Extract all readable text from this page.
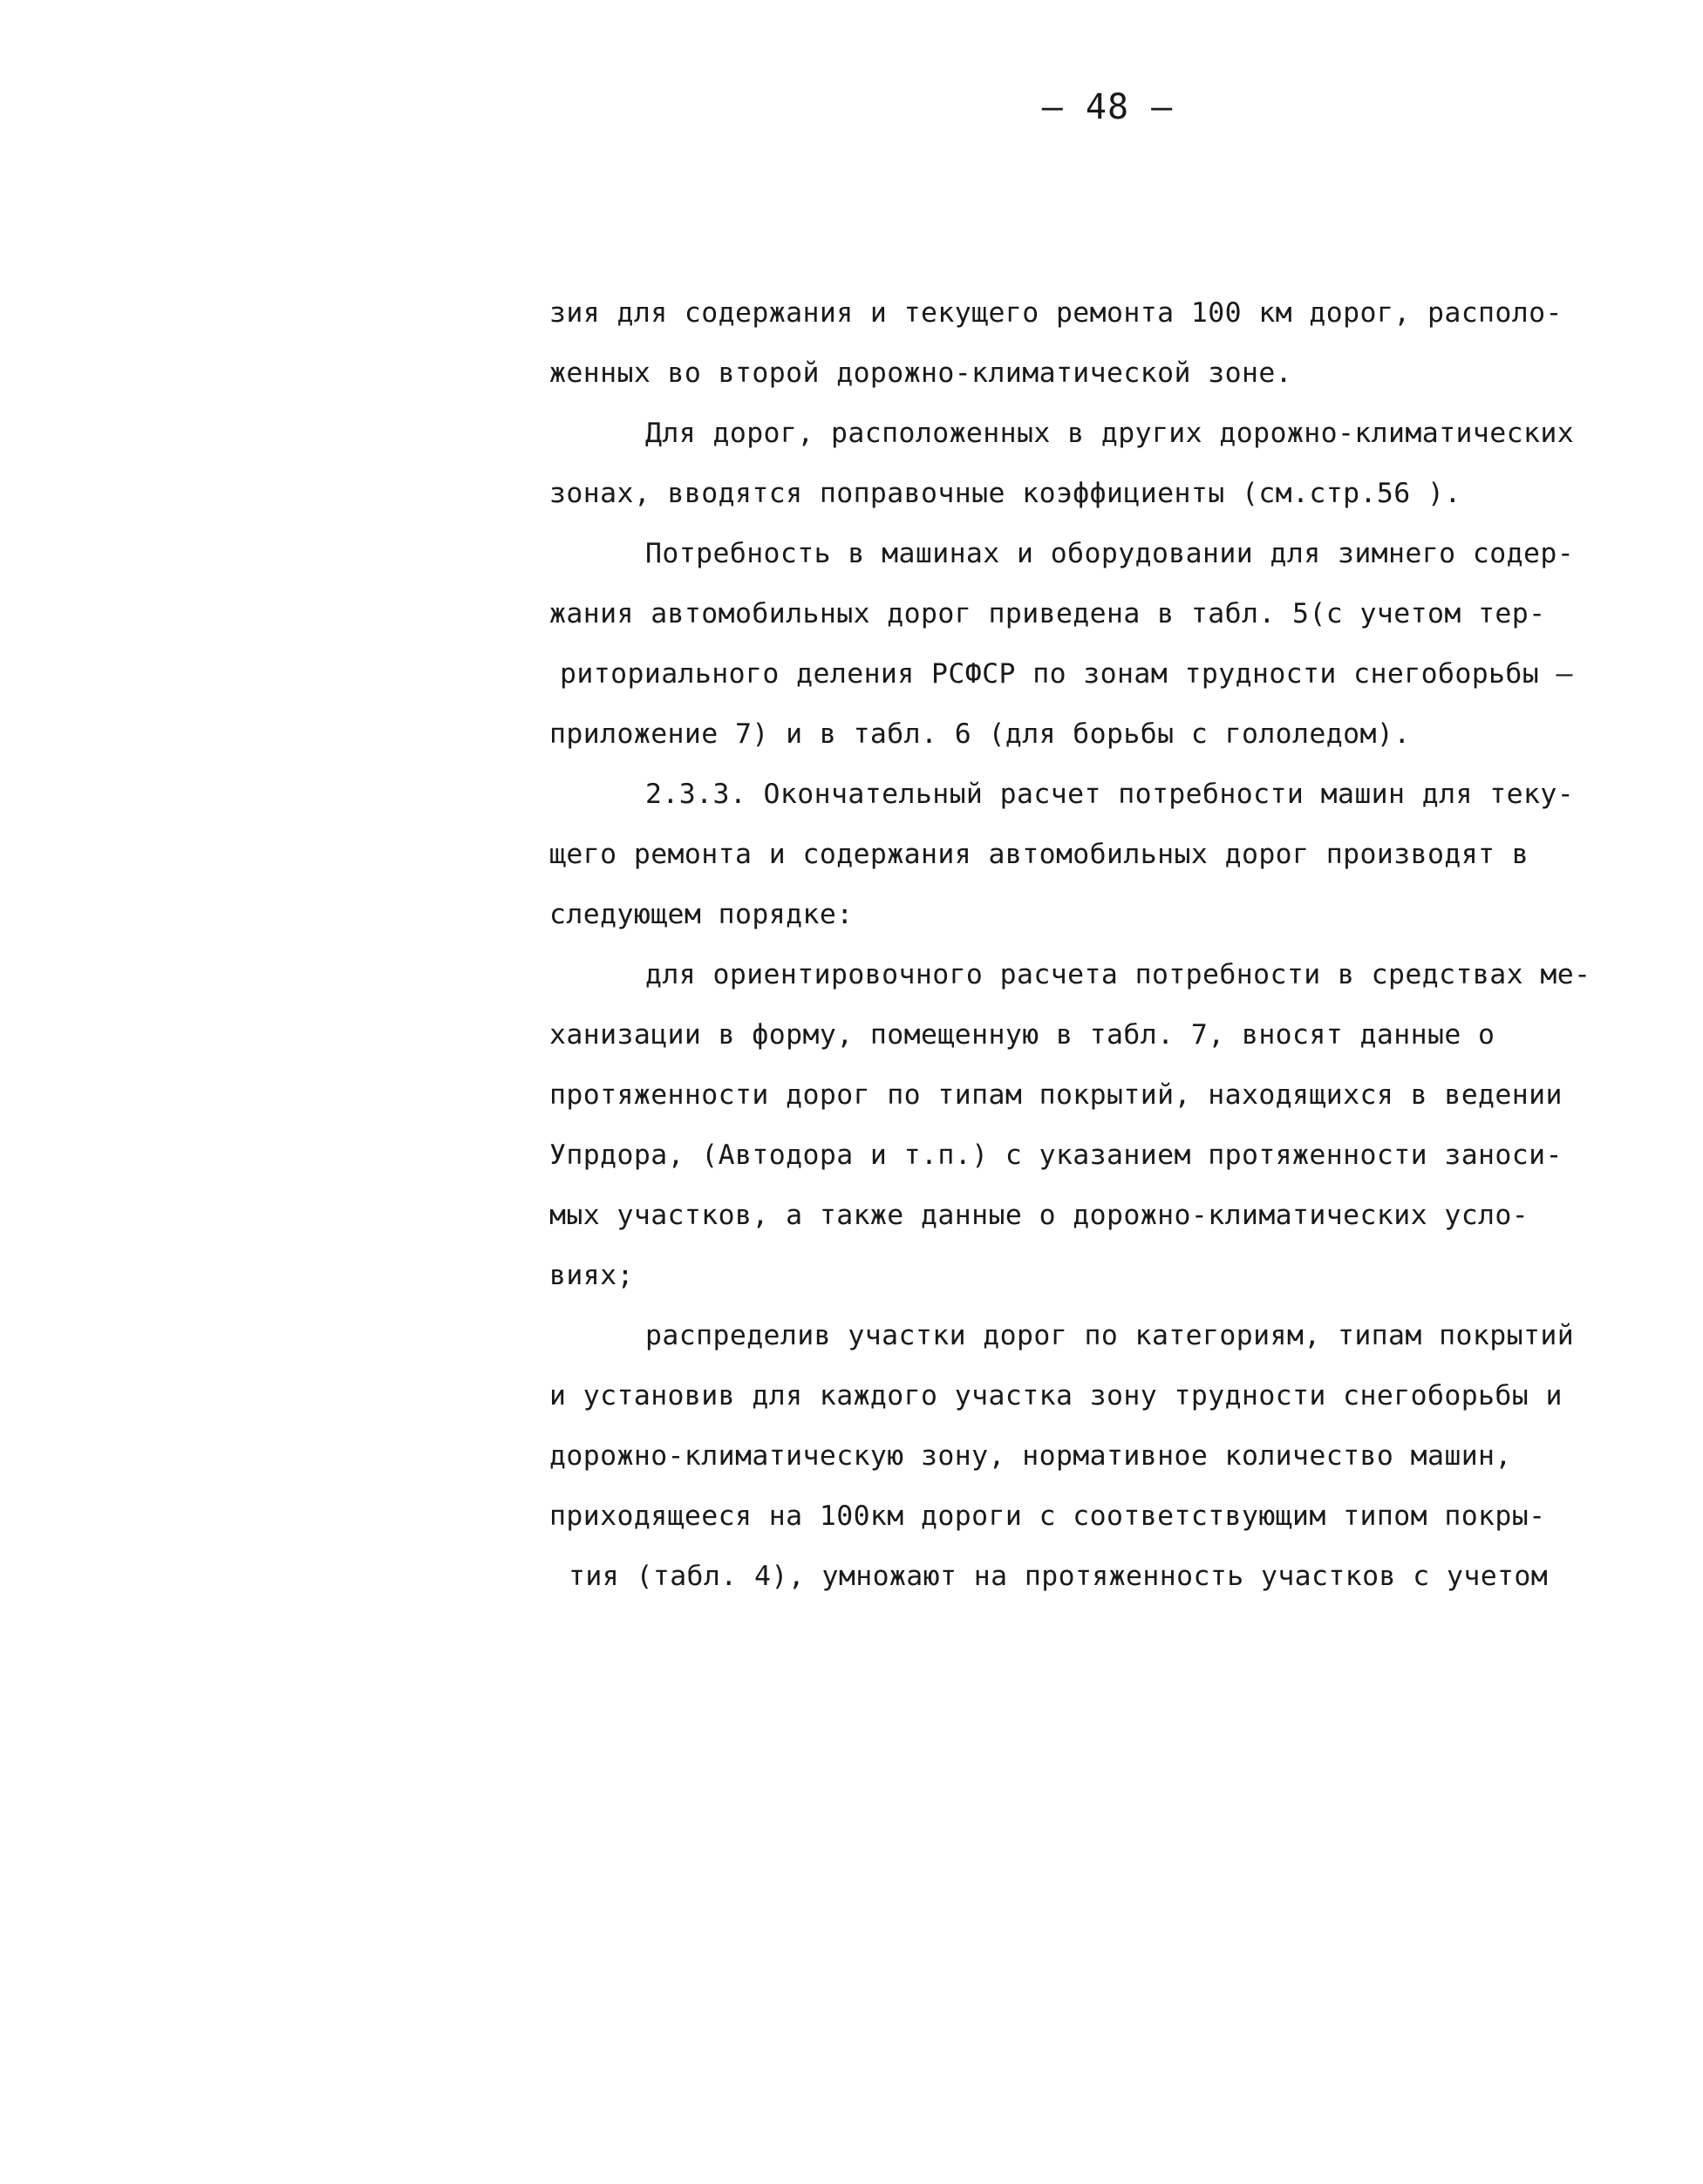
– 48 –
зия для содержания и текущего ремонта 100 км дорог, располо-
женных во второй дорожно-климатической зоне.
Для дорог, расположенных в других дорожно-климатических
зонах, вводятся поправочные коэффициенты (см.стр.56 ).
Потребность в машинах и оборудовании для зимнего содер-
жания автомобильных дорог приведена в табл. 5(с учетом тер-
риториального деления РСФСР по зонам трудности снегоборьбы –
приложение 7) и в табл. 6 (для борьбы с гололедом).
2.3.3. Окончательный расчет потребности машин для теку-
щего ремонта и содержания автомобильных дорог производят в
следующем порядке:
для ориентировочного расчета потребности в средствах ме-
ханизации в форму, помещенную в табл. 7, вносят данные о
протяженности дорог по типам покрытий, находящихся в ведении
Упрдора, (Автодора и т.п.) с указанием протяженности заноси-
мых участков, а также данные о дорожно-климатических усло-
виях;
распределив участки дорог по категориям, типам покрытий
и установив для каждого участка зону трудности снегоборьбы и
дорожно-климатическую зону, нормативное количество машин,
приходящееся на 100км дороги с соответствующим типом покры-
тия (табл. 4), умножают на протяженность участков с учетом
